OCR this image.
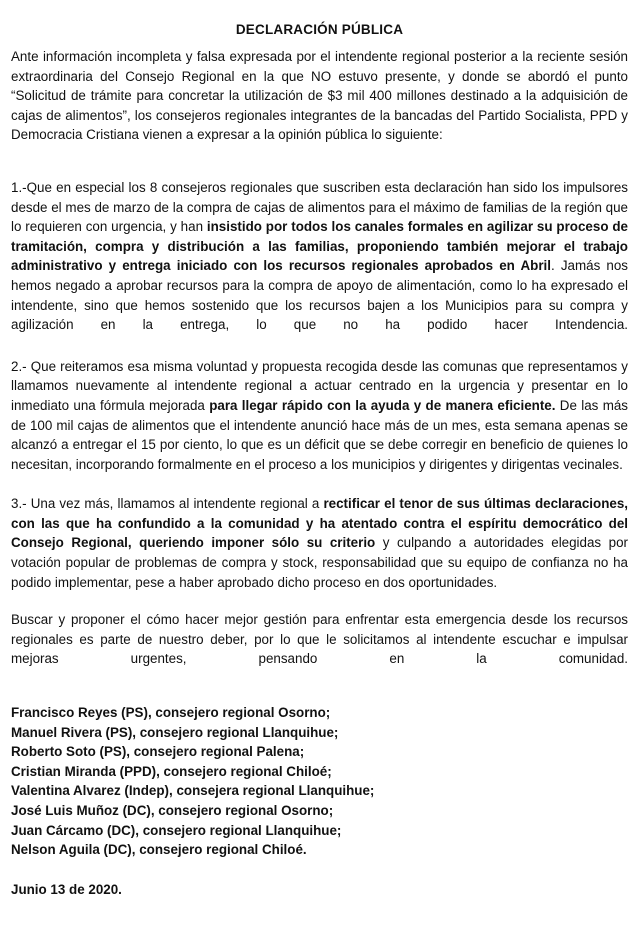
DECLARACIÓN PÚBLICA

Ante información incompleta y falsa expresada por el intendente regional posterior a la reciente sesión extraordinaria del Consejo Regional en la que NO estuvo presente, y donde se abordó el punto “Solicitud de trámite para concretar la utilización de $3 mil 400 millones destinado a la adquisición de cajas de alimentos”, los consejeros regionales integrantes de la bancadas del Partido Socialista, PPD y Democracia Cristiana vienen a expresar a la opinión pública lo siguiente:

1.-Que en especial los 8 consejeros regionales que suscriben esta declaración han sido los impulsores desde el mes de marzo de la compra de cajas de alimentos para el máximo de familias de la región que lo requieren con urgencia, y han insistido por todos los canales formales en agilizar su proceso de tramitación, compra y distribución a las familias, proponiendo también mejorar el trabajo administrativo y entrega iniciado con los recursos regionales aprobados en Abril. Jamás nos hemos negado a aprobar recursos para la compra de apoyo de alimentación, como lo ha expresado el intendente, sino que hemos sostenido que los recursos bajen a los Municipios para su compra y agilización en la entrega, lo que no ha podido hacer Intendencia.

2.- Que reiteramos esa misma voluntad y propuesta recogida desde las comunas que representamos y llamamos nuevamente al intendente regional a actuar centrado en la urgencia y presentar en lo inmediato una fórmula mejorada para llegar rápido con la ayuda y de manera eficiente. De las más de 100 mil cajas de alimentos que el intendente anunció hace más de un mes, esta semana apenas se alcanzó a entregar el 15 por ciento, lo que es un déficit que se debe corregir en beneficio de quienes lo necesitan, incorporando formalmente en el proceso a los municipios y dirigentes y dirigentas vecinales.

3.- Una vez más, llamamos al intendente regional a rectificar el tenor de sus últimas declaraciones, con las que ha confundido a la comunidad y ha atentado contra el espíritu democrático del Consejo Regional, queriendo imponer sólo su criterio y culpando a autoridades elegidas por votación popular de problemas de compra y stock, responsabilidad que su equipo de confianza no ha podido implementar, pese a haber aprobado dicho proceso en dos oportunidades.

Buscar y proponer el cómo hacer mejor gestión para enfrentar esta emergencia desde los recursos regionales es parte de nuestro deber, por lo que le solicitamos al intendente escuchar e impulsar mejoras urgentes, pensando en la comunidad.

Francisco Reyes (PS), consejero regional Osorno;
Manuel Rivera (PS), consejero regional Llanquihue;
Roberto Soto (PS), consejero regional Palena;
Cristian Miranda (PPD), consejero regional Chiloé;
Valentina Alvarez (Indep), consejera regional Llanquihue;
José Luis Muñoz (DC), consejero regional Osorno;
Juan Cárcamo (DC), consejero regional Llanquihue;
Nelson Aguila (DC), consejero regional Chiloé.
Junio 13 de 2020.
